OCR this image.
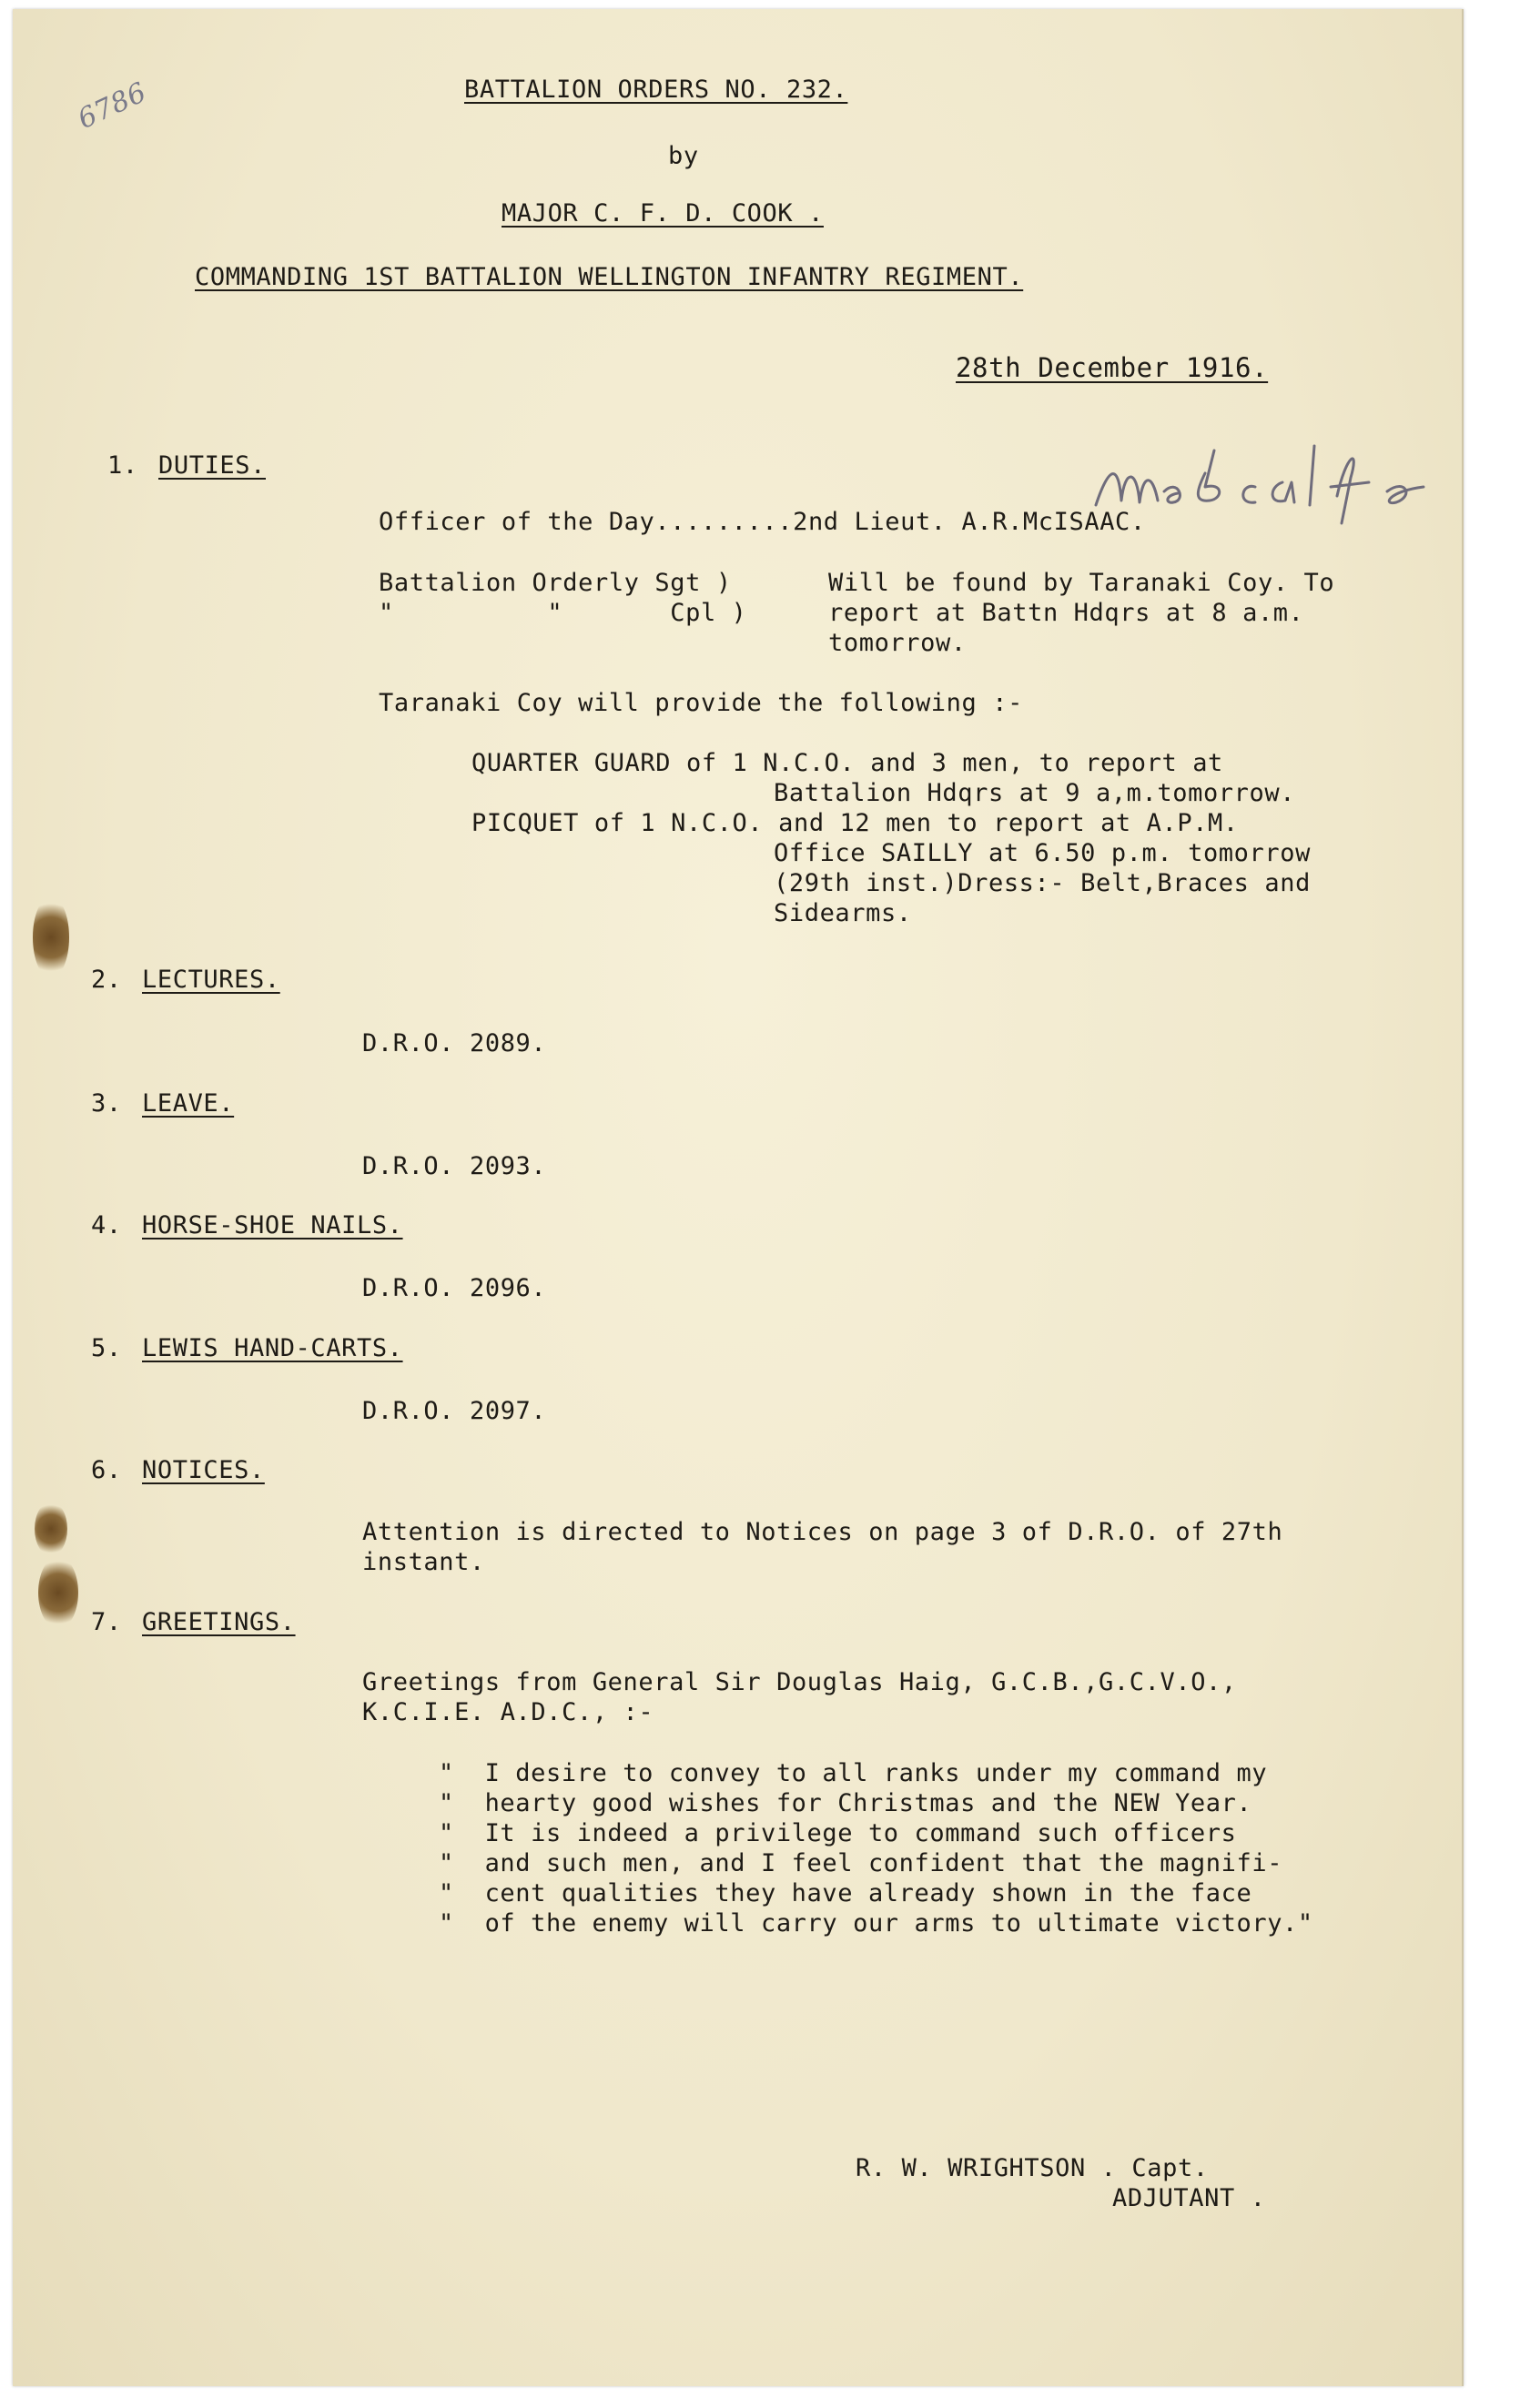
6786	BATTALION ORDERS NO. 232.
by
MAJOR C. F. D. COOK .
COMMANDING 1ST BATTALION WELLINGTON INFANTRY REGIMENT.
28th December 1916.
1. DUTIES.
Officer of the Day.........2nd Lieut. A.R.McISAAC.
Battalion Orderly Sgt )
"          "       Cpl )
Will be found by Taranaki Coy. To
report at Battn Hdqrs at 8 a.m.
tomorrow.
Taranaki Coy will provide the following :-
QUARTER GUARD of 1 N.C.O. and 3 men, to report at
Battalion Hdqrs at 9 a,m.tomorrow.
PICQUET of 1 N.C.O. and 12 men to report at A.P.M.
Office SAILLY at 6.50 p.m. tomorrow
(29th inst.)Dress:- Belt,Braces and
Sidearms.
2. LECTURES.
D.R.O. 2089.
3. LEAVE.
D.R.O. 2093.
4. HORSE-SHOE NAILS.
D.R.O. 2096.
5. LEWIS HAND-CARTS.
D.R.O. 2097.
6. NOTICES.
Attention is directed to Notices on page 3 of D.R.O. of 27th
instant.
7. GREETINGS.
Greetings from General Sir Douglas Haig, G.C.B.,G.C.V.O.,
K.C.I.E. A.D.C., :-
"  I desire to convey to all ranks under my command my
"  hearty good wishes for Christmas and the NEW Year.
"  It is indeed a privilege to command such officers
"  and such men, and I feel confident that the magnifi-
"  cent qualities they have already shown in the face
"  of the enemy will carry our arms to ultimate victory."
R. W. WRIGHTSON . Capt.
ADJUTANT .
